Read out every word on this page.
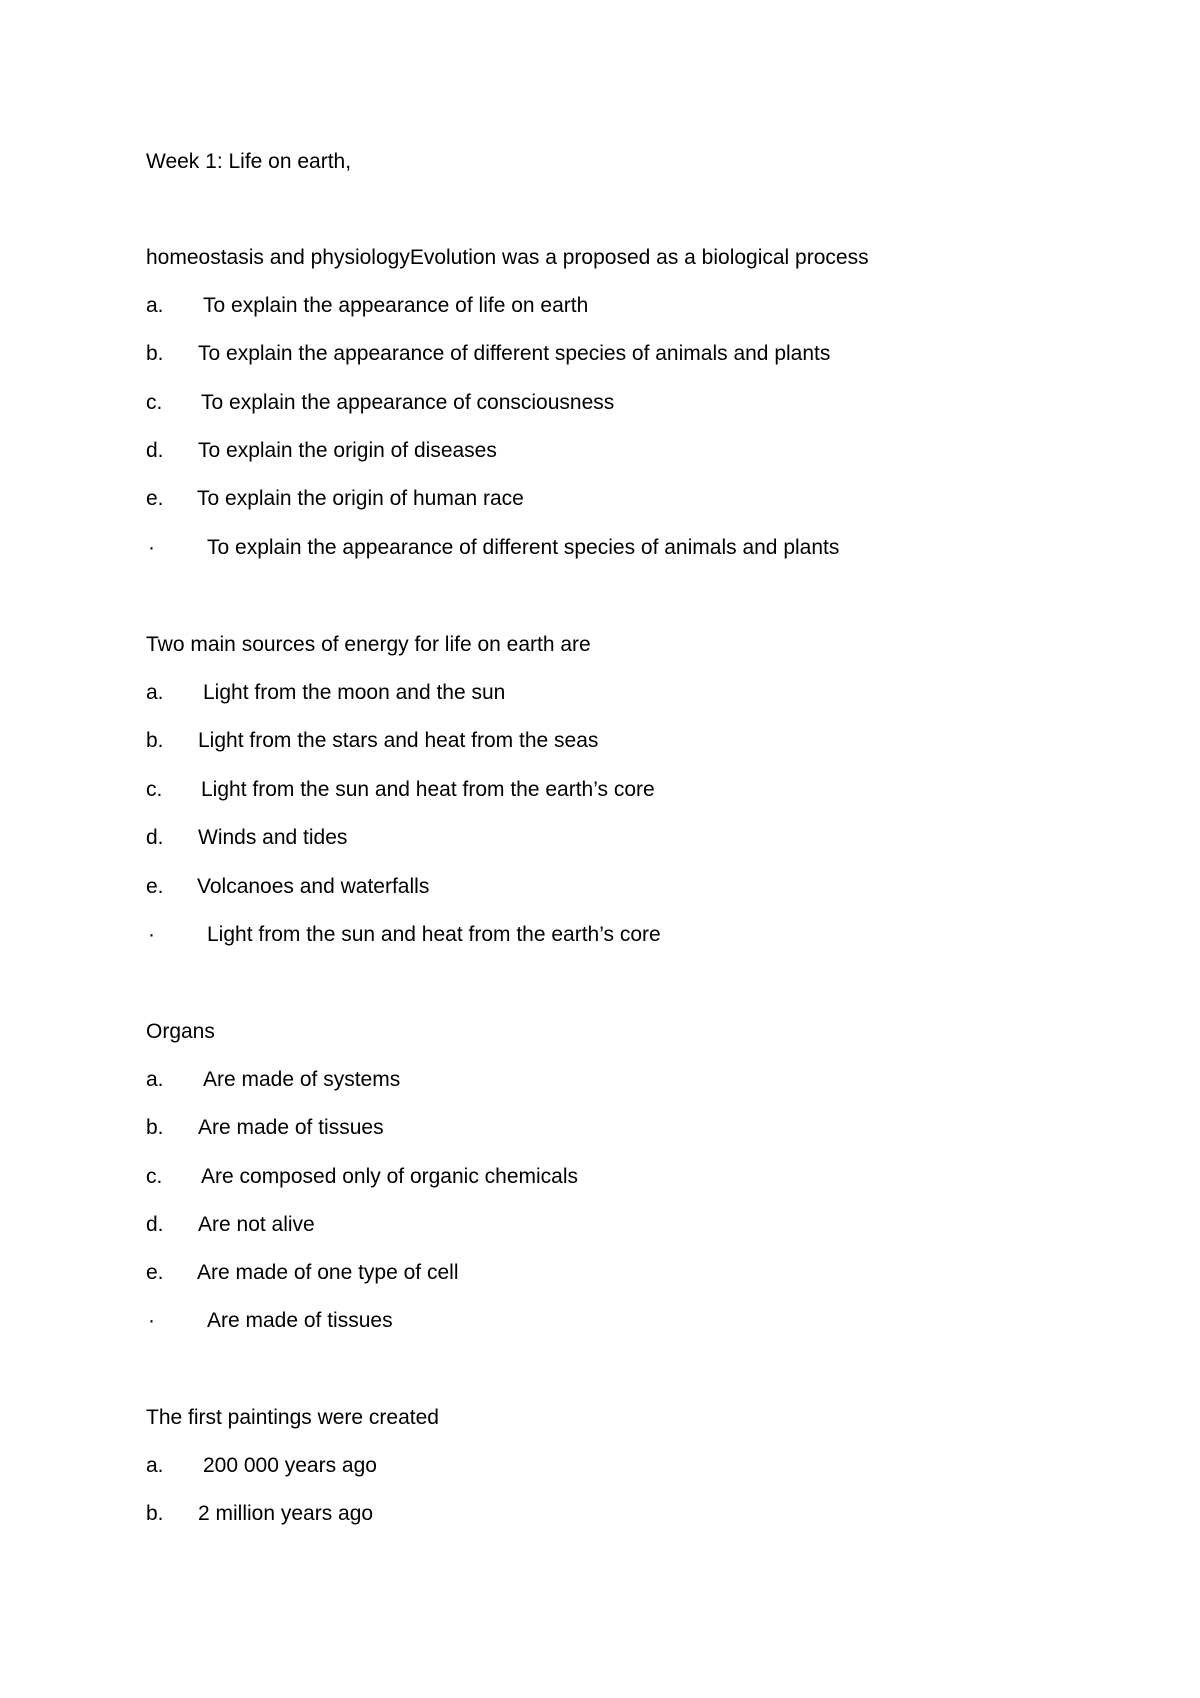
Week 1: Life on earth,
homeostasis and physiologyEvolution was a proposed as a biological process
a. To explain the appearance of life on earth
b. To explain the appearance of different species of animals and plants
c. To explain the appearance of consciousness
d. To explain the origin of diseases
e. To explain the origin of human race
· To explain the appearance of different species of animals and plants
Two main sources of energy for life on earth are
a. Light from the moon and the sun
b. Light from the stars and heat from the seas
c. Light from the sun and heat from the earth’s core
d. Winds and tides
e. Volcanoes and waterfalls
· Light from the sun and heat from the earth’s core
Organs
a. Are made of systems
b. Are made of tissues
c. Are composed only of organic chemicals
d. Are not alive
e. Are made of one type of cell
· Are made of tissues
The first paintings were created
a. 200 000 years ago
b. 2 million years ago
